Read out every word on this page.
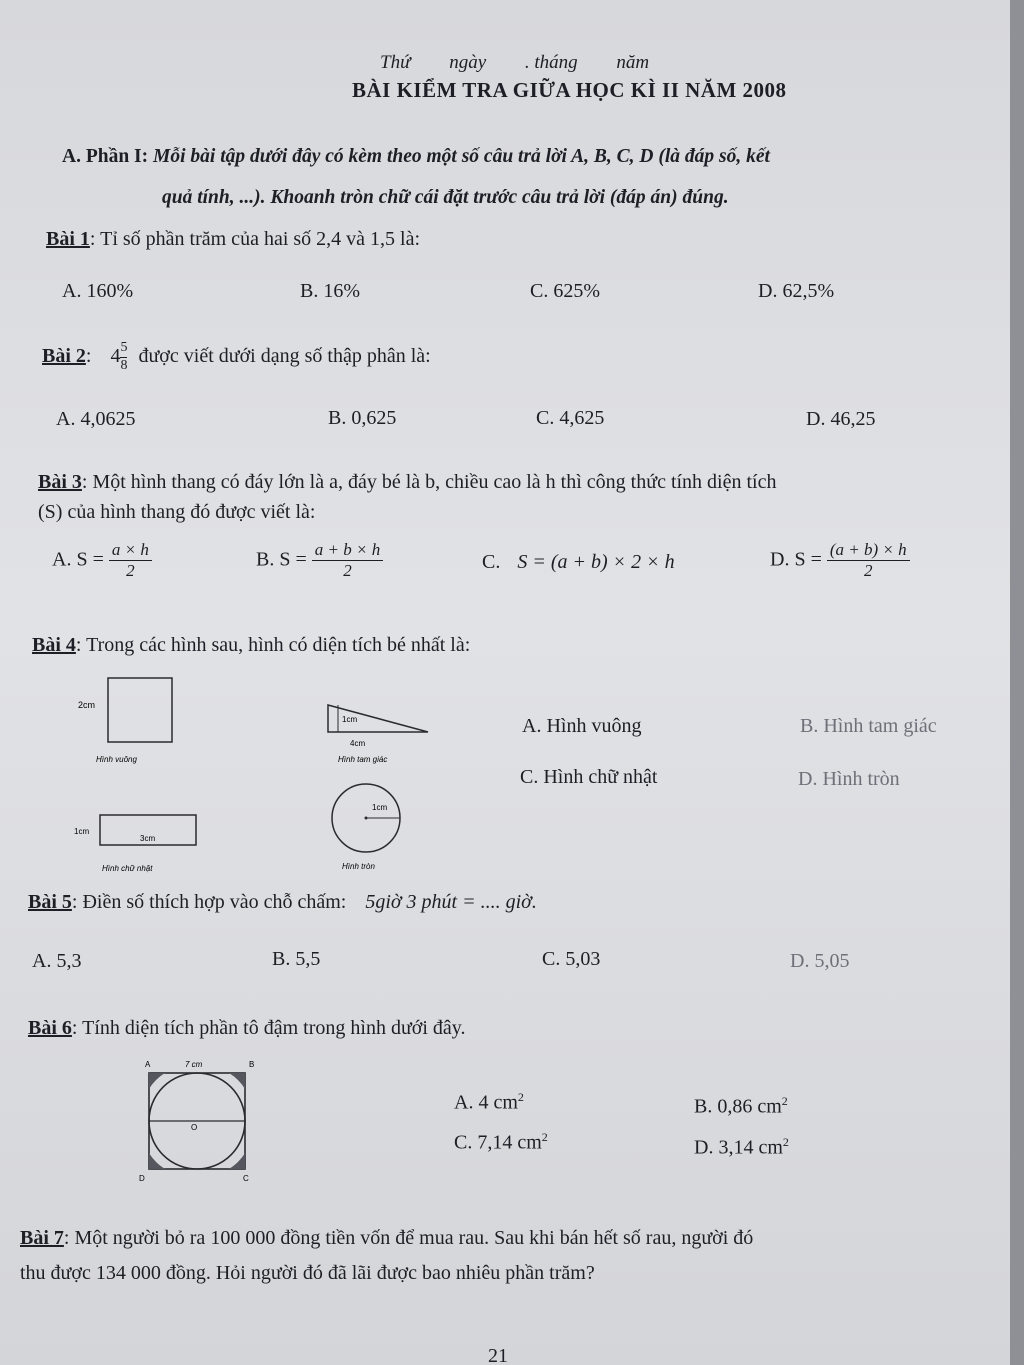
Thứ ngày . tháng năm
BÀI KIỂM TRA GIỮA HỌC KÌ II NĂM 2008
A. Phần I: Mỗi bài tập dưới đây có kèm theo một số câu trả lời A, B, C, D (là đáp số, kết
quả tính, ...). Khoanh tròn chữ cái đặt trước câu trả lời (đáp án) đúng.
Bài 1: Tỉ số phần trăm của hai số 2,4 và 1,5 là:
A. 160%	B. 16%	C. 625%	D. 62,5%
Bài 2: $4 \frac{5}{8}$ được viết dưới dạng số thập phân là:
A. 4,0625	B. 0,625	C. 4,625	D. 46,25
Bài 3: Một hình thang có đáy lớn là a, đáy bé là b, chiều cao là h thì công thức tính diện tích
(S) của hình thang đó được viết là:
A. $S = \frac{a \times h}{2}$	B. $S = \frac{a + b \times h}{2}$	C. S = (a + b) × 2 × h	D. $S = \frac{(a + b) \times h}{2}$
Bài 4: Trong các hình sau, hình có diện tích bé nhất là:
2cm
Hình vuông
1cm
4cm
Hình tam giác
1cm
3cm
Hình chữ nhật
1cm
Hình tròn
A. Hình vuông	B. Hình tam giác
C. Hình chữ nhật	D. Hình tròn
Bài 5: Điền số thích hợp vào chỗ chấm: 5giờ 3 phút = .... giờ.
A. 5,3	B. 5,5	C. 5,03	D. 5,05
Bài 6: Tính diện tích phần tô đậm trong hình dưới đây.
A	7 cm	B
C
D
O
A. 4 $cm^2$	B. 0,86 $cm^2$
C. 7,14 $cm^2$	D. 3,14 $cm^2$
Bài 7: Một người bỏ ra 100 000 đồng tiền vốn để mua rau. Sau khi bán hết số rau, người đó
thu được 134 000 đồng. Hỏi người đó đã lãi được bao nhiêu phần trăm?
21
